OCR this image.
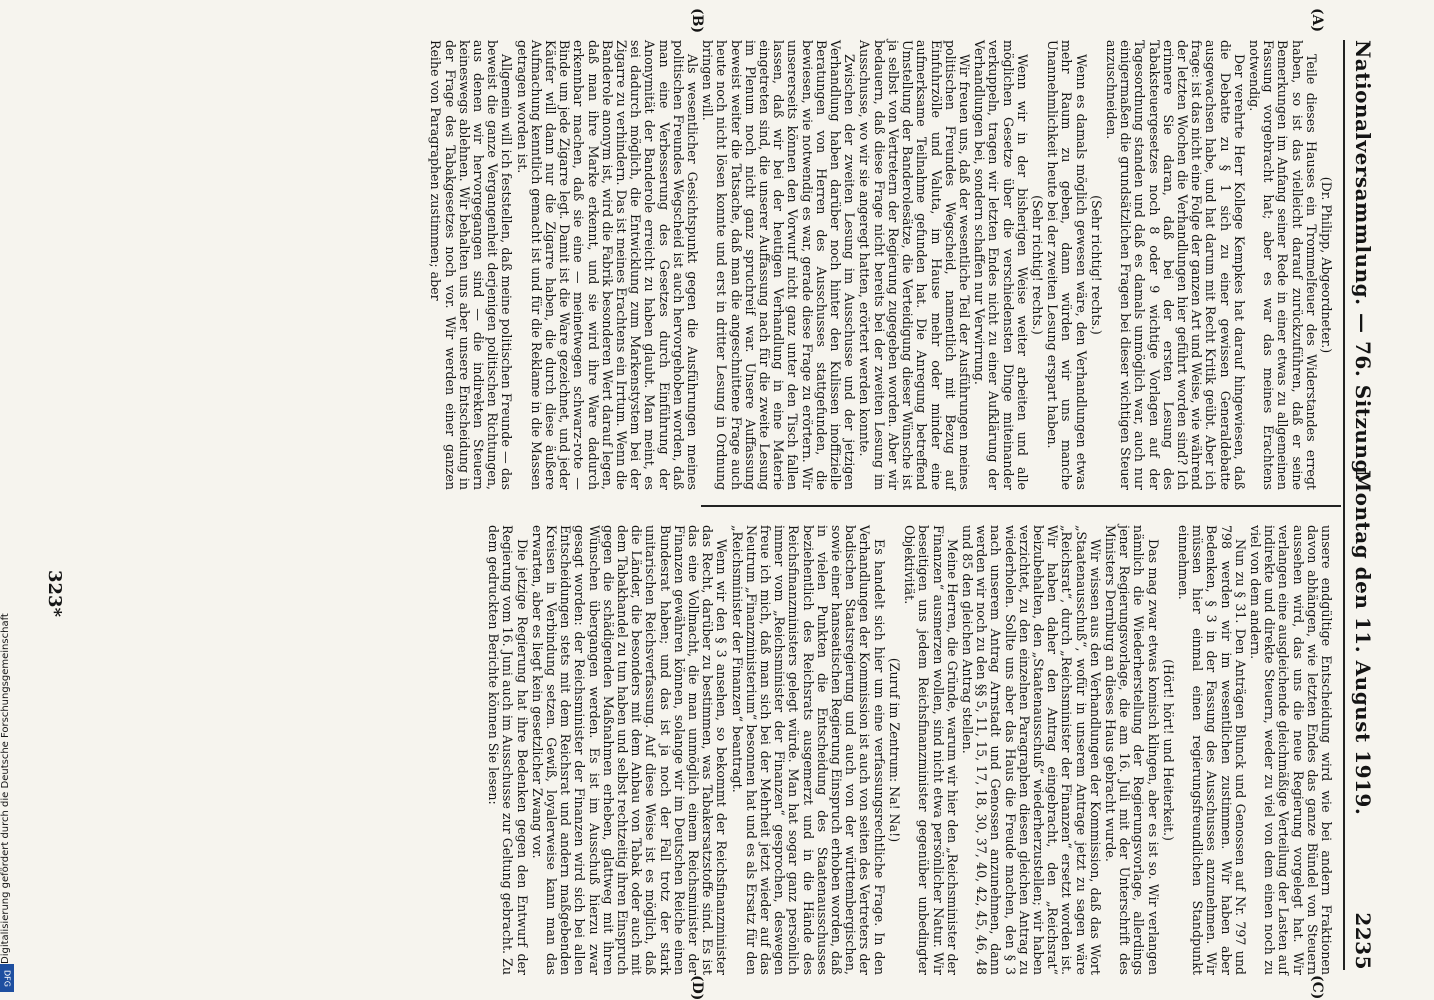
Nationalversammlung. — 76. Sitzung.
Montag den 11. August 1919.
2235
(A)
(B)
(C)
(D)

(Dr. Philipp, Abgeordneter.)

Teile dieses Hauses ein Trommelfeuer des Widerstandes erregt haben, so ist das vielleicht darauf zurückzuführen, daß er seine Bemerkungen im Anfang seiner Rede in einer etwas zu allgemeinen Fassung vorgebracht hat; aber es war das meines Erachtens notwendig.

Der verehrte Herr Kollege Kempkes hat darauf hingewiesen, daß die Debatte zu § 1 sich zu einer gewissen Generaldebatte ausgewachsen habe, und hat darum mit Recht Kritik geübt. Aber ich frage: ist das nicht eine Folge der ganzen Art und Weise, wie während der letzten Wochen die Verhandlungen hier geführt worden sind? Ich erinnere Sie daran, daß bei der ersten Lesung des Tabaksteuergesetzes noch 8 oder 9 wichtige Vorlagen auf der Tagesordnung standen und daß es damals unmöglich war, auch nur einigermaßen die grundsätzlichen Fragen bei dieser wichtigen Steuer anzuschneiden.

(Sehr richtig! rechts.)

Wenn es damals möglich gewesen wäre, den Verhandlungen etwas mehr Raum zu geben, dann würden wir uns manche Unannehmlichkeit heute bei der zweiten Lesung erspart haben.

(Sehr richtig! rechts.)

Wenn wir in der bisherigen Weise weiter arbeiten und alle möglichen Gesetze über die verschiedensten Dinge miteinander verkuppeln, tragen wir letzten Endes nicht zu einer Aufklärung der Verhandlungen bei, sondern schaffen nur Verwirrung.

Wir freuen uns, daß der wesentliche Teil der Ausführungen meines politischen Freundes Wegscheid, namentlich mit Bezug auf Einfuhrzölle und Valuta, im Hause mehr oder minder eine aufmerksame Teilnahme gefunden hat. Die Anregung betreffend Umstellung der Banderolesätze, die Verteidigung dieser Wünsche ist ja selbst von Vertretern der Regierung zugegeben worden. Aber wir bedauern, daß diese Frage nicht bereits bei der zweiten Lesung im Ausschusse, wo wir sie angeregt hatten, erörtert werden konnte.

Zwischen der zweiten Lesung im Ausschusse und der jetzigen Verhandlung haben darüber noch hinter den Kulissen inoffizielle Beratungen von Herren des Ausschusses stattgefunden, die bewiesen, wie notwendig es war, gerade diese Frage zu erörtern. Wir unsererseits können den Vorwurf nicht ganz unter den Tisch fallen lassen, daß wir bei der heutigen Verhandlung in eine Materie eingetreten sind, die unserer Auffassung nach für die zweite Lesung im Plenum noch nicht ganz spruchreif war. Unsere Auffassung beweist weiter die Tatsache, daß man die angeschnittene Frage auch heute noch nicht lösen konnte und erst in dritter Lesung in Ordnung bringen will.

Als wesentlicher Gesichtspunkt gegen die Ausführungen meines politischen Freundes Wegscheid ist auch hervorgehoben worden, daß man eine Verbesserung des Gesetzes durch Einführung der Anonymität der Banderole erreicht zu haben glaubt. Man meint, es sei dadurch möglich, die Entwicklung zum Markenstystem bei der Zigarre zu verhindern. Das ist meines Erachtens ein Irrtum. Wenn die Banderole anonym ist, wird die Fabrik besonderen Wert darauf legen, daß man ihre Marke erkennt, und sie wird ihre Ware dadurch erkennbar machen, daß sie eine — meinetwegen schwarz-rote — Binde um jede Zigarre legt. Damit ist die Ware gezeichnet, und jeder Käufer will dann nur die Zigarre haben, die durch diese äußere Aufmachung kenntlich gemacht ist und für die Reklame in die Massen getragen worden ist.

Allgemein will ich feststellen, daß meine politischen Freunde — das beweist die ganze Vergangenheit derjenigen politischen Richtungen, aus denen wir hervorgegangen sind — die indirekten Steuern keineswegs ablehnen. Wir behalten uns aber unsere Entscheidung in der Frage des Tabakgesetzes noch vor. Wir werden einer ganzen Reihe von Paragraphen zustimmen; aber

unsere endgültige Entscheidung wird wie bei andern Fraktionen davon abhängen, wie letzten Endes das ganze Bündel von Steuern aussehen wird, das uns die neue Regierung vorgelegt hat. Wir verlangen eine ausgleichende gleichmäßige Verteilung der Lasten auf indirekte und direkte Steuern, weder zu viel von dem einen noch zu viel von dem andern.

Nun zu § 31. Den Anträgen Blunck und Genossen auf Nr. 797 und 798 werden wir im wesentlichen zustimmen. Wir haben aber Bedenken, § 3 in der Fassung des Ausschusses anzunehmen. Wir müssen hier einmal einen regierungsfreundlichen Standpunkt einnehmen.

(Hört! hört! und Heiterkeit.)

Das mag zwar etwas komisch klingen, aber es ist so. Wir verlangen nämlich die Wiederherstellung der Regierungsvorlage, allerdings jener Regierungsvorlage, die am 16. Juli mit der Unterschrift des Ministers Dernburg an dieses Haus gebracht wurde.

Wir wissen aus den Verhandlungen der Kommission, daß das Wort „Staatenausschuß“, wofür in unserem Antrage jetzt zu sagen wäre „Reichsrat“, durch „Reichsminister der Finanzen“ ersetzt worden ist. Wir haben daher den Antrag eingebracht, den „Reichsrat“ beizubehalten, den „Staatenausschuß“ wiederherzustellen; wir haben verzichtet, zu den einzelnen Paragraphen diesen gleichen Antrag zu wiederholen. Sollte uns aber das Haus die Freude machen, den § 3 nach unserem Antrag Arnstadt und Genossen anzunehmen, dann werden wir noch zu den §§ 5, 11, 15, 17, 18, 30, 37, 40, 42, 45, 46, 48 und 85 den gleichen Antrag stellen.

Meine Herren, die Gründe, warum wir hier den „Reichsminister der Finanzen“ ausmerzen wollen, sind nicht etwa persönlicher Natur. Wir beseitigen uns jedem Reichsfinanzminister gegenüber unbedingter Objektivität.

(Zuruf im Zentrum: Na! Na!)

Es handelt sich hier um eine verfassungsrechtliche Frage. In den Verhandlungen der Kommission ist auch von seiten des Vertreters der badischen Staatsregierung und auch von der württembergischen, sowie einer hanseatischen Regierung Einspruch erhoben worden, daß in vielen Punkten die Entscheidung des Staatenausschusses beziehentlich des Reichsrats ausgemerzt und in die Hände des Reichsfinanzministers gelegt würde. Man hat sogar ganz persönlich immer vom „Reichsminister der Finanzen“ gesprochen, deswegen freue ich mich, daß man sich bei der Mehrheit jetzt wieder auf das Neutrum „Finanzministerium“ besonnen hat und es als Ersatz für den „Reichsminister der Finanzen“ beantragt.

Wenn wir den § 3 ansehen, so bekommt der Reichsfinanzminister das Recht, darüber zu bestimmen, was Tabakersatzstoffe sind. Es ist das eine Vollmacht, die man unmöglich einem Reichsminister der Finanzen gewähren können, solange wir im Deutschen Reiche einen Bundesrat haben; und das ist ja noch der Fall trotz der stark unitarischen Reichsverfassung. Auf diese Weise ist es möglich, daß die Länder, die besonders mit dem Anbau von Tabak oder auch mit dem Tabakhandel zu tun haben und selbst rechtzeitig ihren Einspruch gegen die schädigenden Maßnahmen erheben, glattweg mit ihren Wünschen übergangen werden. Es ist im Ausschuß hierzu zwar gesagt worden: der Reichsminister der Finanzen wird sich bei allen Entscheidungen stets mit dem Reichsrat und andern maßgebenden Kreisen in Verbindung setzen. Gewiß, loyalerweise kann man das erwarten, aber es liegt kein gesetzlicher Zwang vor.

Die jetzige Regierung hat ihre Bedenken gegen den Entwurf der Regierung vom 16. Juni auch im Ausschusse zur Geltung gebracht. Zu dem gedruckten Berichte können Sie lesen:

323*
Digitalisierung gefördert durch die Deutsche Forschungsgemeinschaft
DFG
